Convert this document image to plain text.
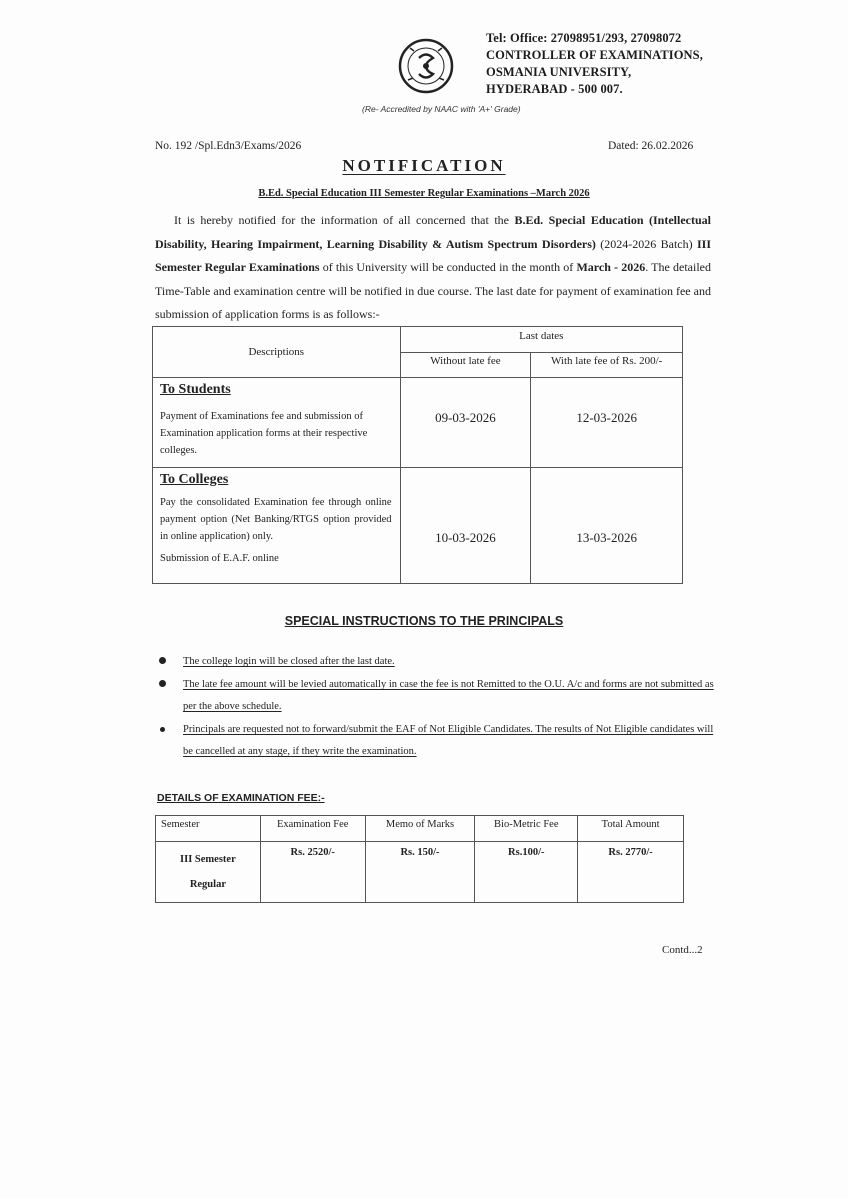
Tel: Office: 27098951/293, 27098072
CONTROLLER OF EXAMINATIONS,
OSMANIA UNIVERSITY,
HYDERABAD - 500 007.
(Re- Accredited by NAAC with 'A+' Grade)
No. 192 /Spl.Edn3/Exams/2026	Dated: 26.02.2026
NOTIFICATION
B.Ed. Special Education III Semester Regular Examinations –March 2026
It is hereby notified for the information of all concerned that the B.Ed. Special Education (Intellectual Disability, Hearing Impairment, Learning Disability & Autism Spectrum Disorders) (2024-2026 Batch) III Semester Regular Examinations of this University will be conducted in the month of March - 2026. The detailed Time-Table and examination centre will be notified in due course. The last date for payment of examination fee and submission of application forms is as follows:-
Descriptions	Last dates	
	Without late fee	With late fee of Rs. 200/-

To Students
Payment of Examinations fee and submission of Examination application forms at their respective colleges.	09-03-2026	12-03-2026

To Colleges
Pay the consolidated Examination fee through online payment option (Net Banking/RTGS option provided in online application) only.
Submission of E.A.F. online	10-03-2026	13-03-2026
SPECIAL INSTRUCTIONS TO THE PRINCIPALS
The college login will be closed after the last date.
The late fee amount will be levied automatically in case the fee is not Remitted to the O.U. A/c and forms are not submitted as per the above schedule.
Principals are requested not to forward/submit the EAF of Not Eligible Candidates. The results of Not Eligible candidates will be cancelled at any stage, if they write the examination.
DETAILS OF EXAMINATION FEE:-
Semester	Examination Fee	Memo of Marks	Bio-Metric Fee	Total Amount

III Semester
Regular	Rs. 2520/-	Rs. 150/-	Rs.100/-	Rs. 2770/-
Contd...2
